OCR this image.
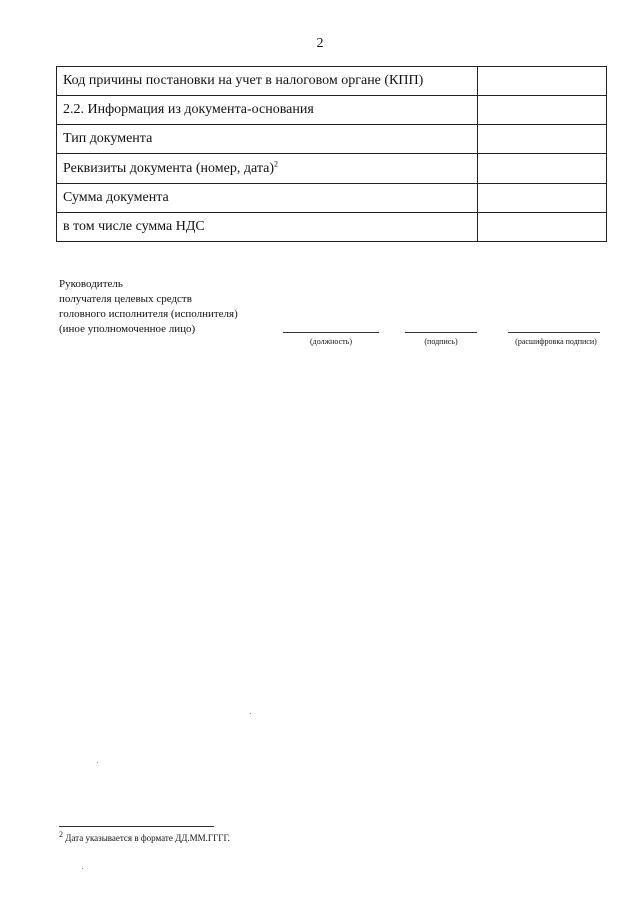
2
Код причины постановки на учет в налоговом органе (КПП)	
2.2. Информация из документа-основания	
Тип документа	
Реквизиты документа (номер, дата)$^2$	
Сумма документа	
в том числе сумма НДС	
Руководитель
получателя целевых средств
головного исполнителя (исполнителя)
(иное уполномоченное лицо)
(должность)	(подпись)	(расшифровка подписи)
$^2$ Дата указывается в формате ДД.ММ.ГГГГ.
